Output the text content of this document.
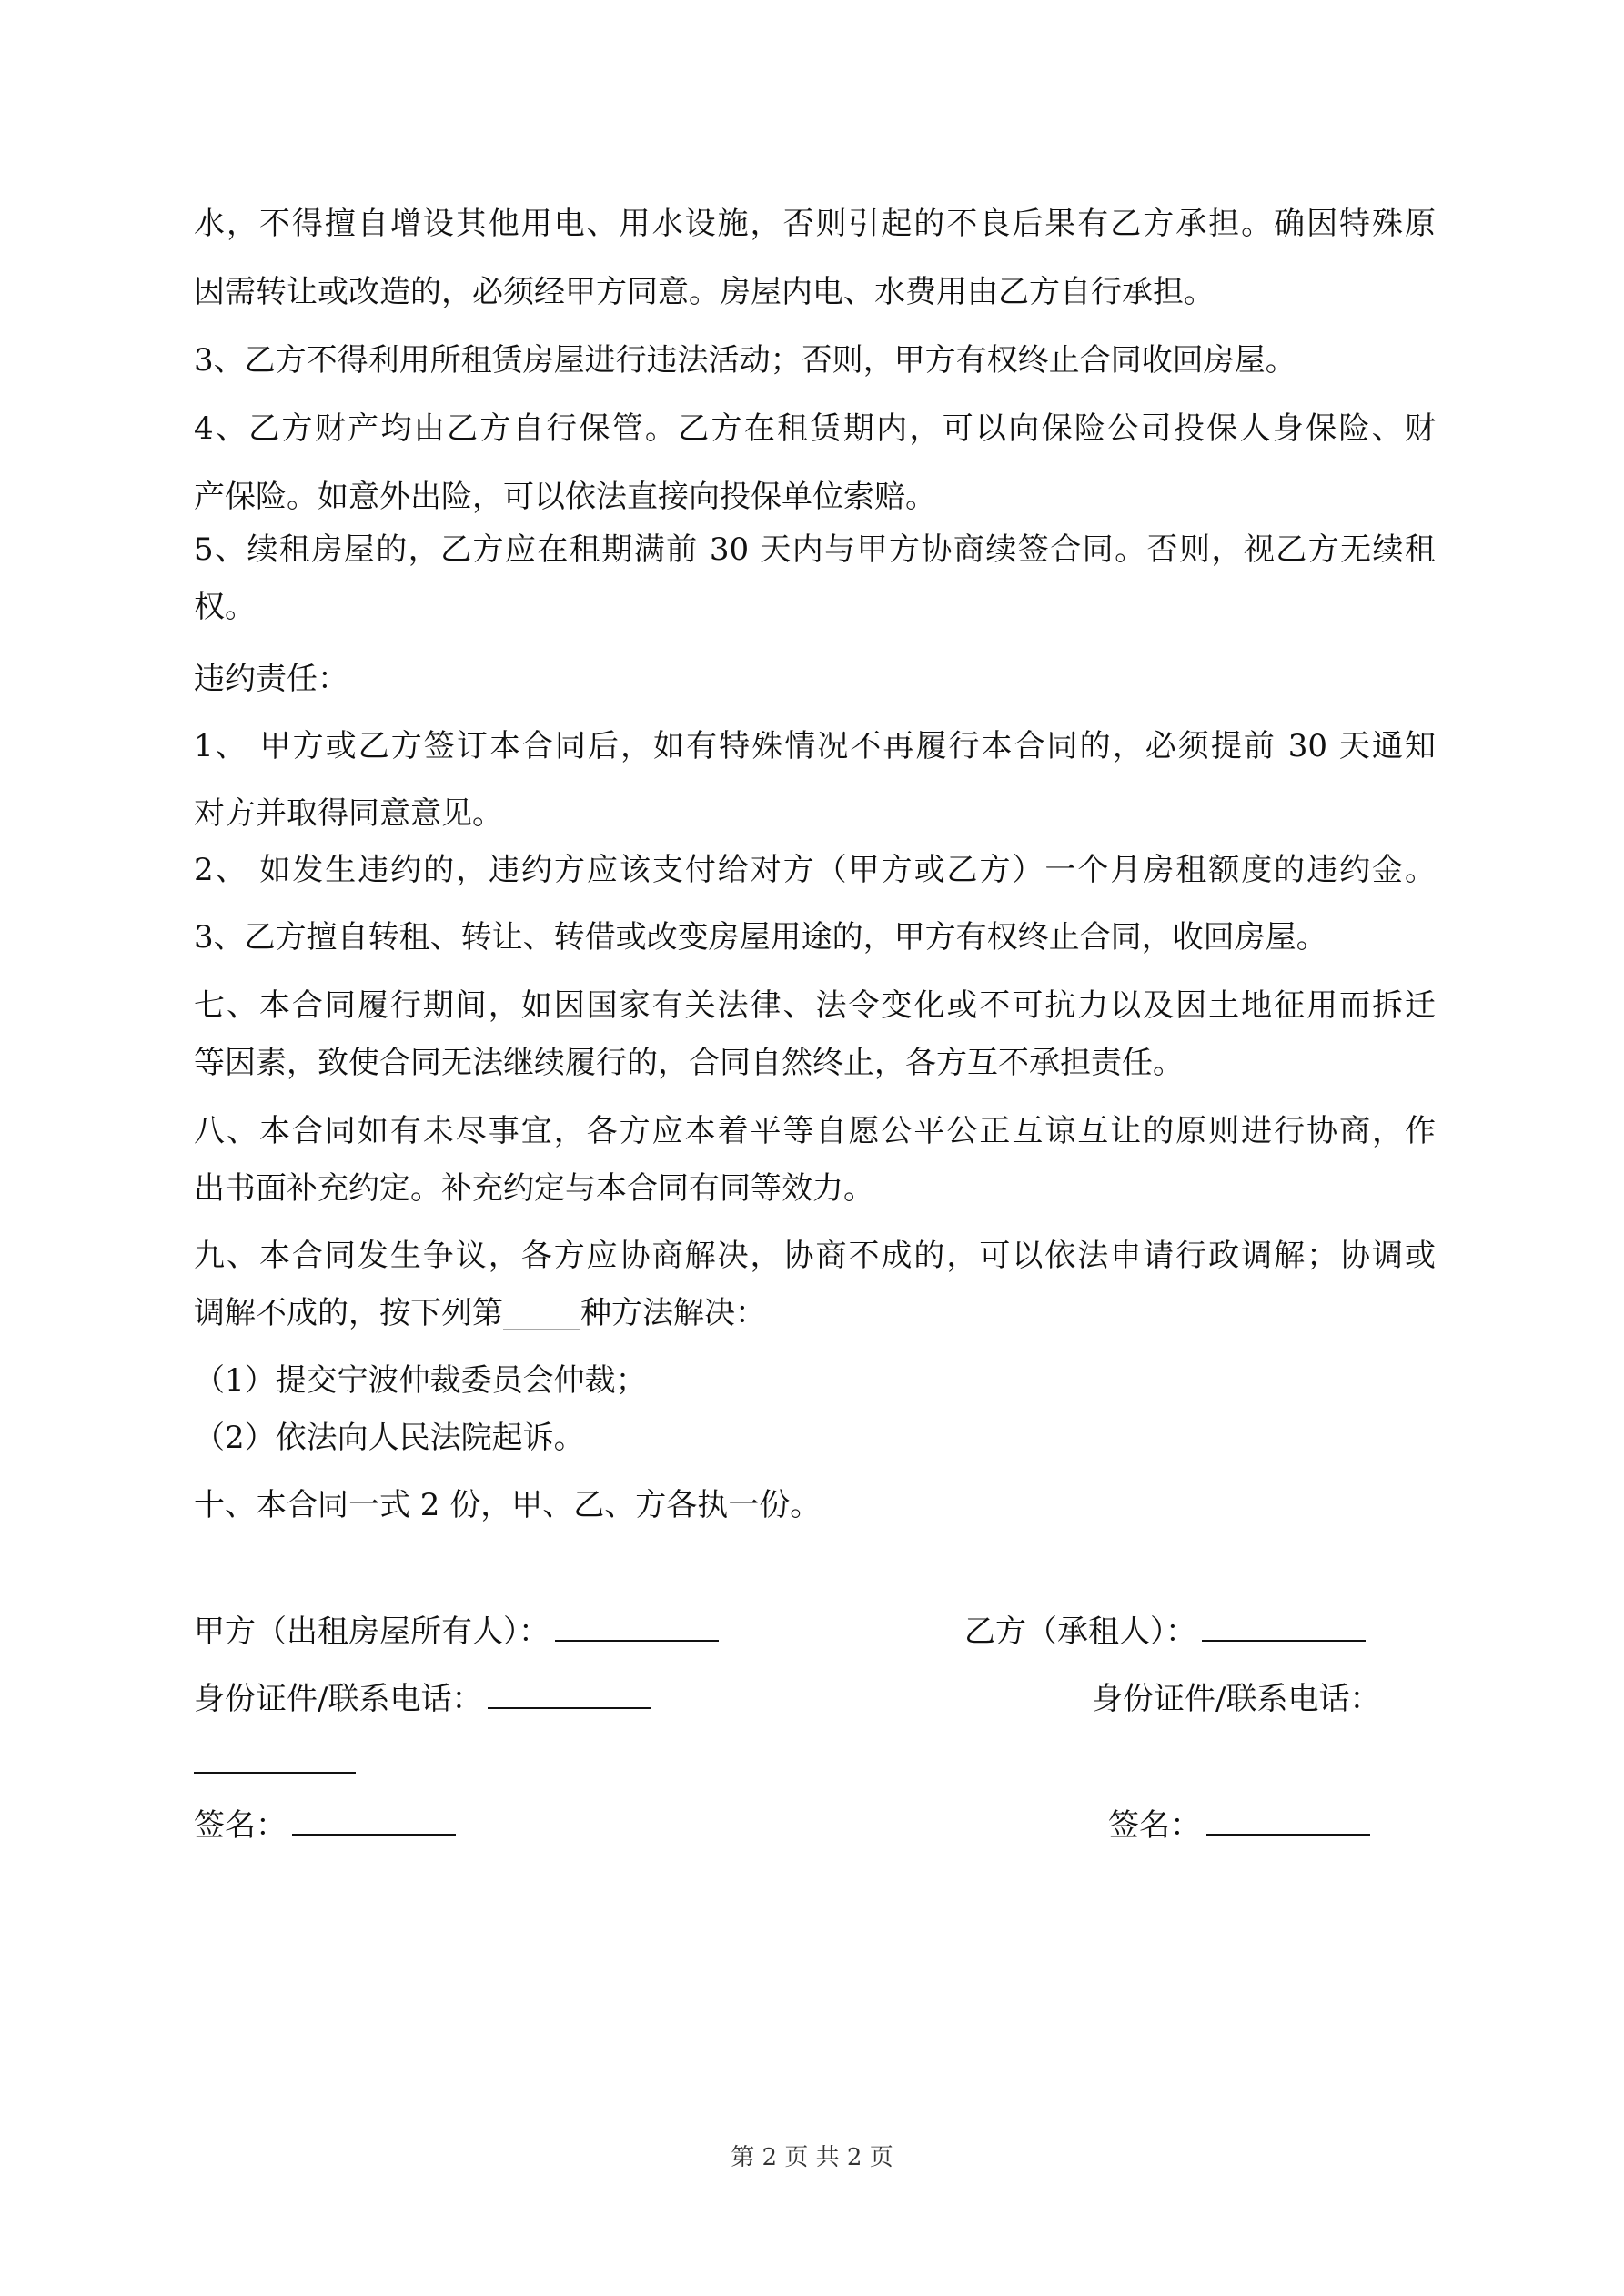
水，不得擅自增设其他用电、用水设施，否则引起的不良后果有乙方承担。确因特殊原
因需转让或改造的，必须经甲方同意。房屋内电、水费用由乙方自行承担。
3、乙方不得利用所租赁房屋进行违法活动；否则，甲方有权终止合同收回房屋。
4、乙方财产均由乙方自行保管。乙方在租赁期内，可以向保险公司投保人身保险、财
产保险。如意外出险，可以依法直接向投保单位索赔。
5、续租房屋的，乙方应在租期满前 30 天内与甲方协商续签合同。否则，视乙方无续租
权。
违约责任：
1、 甲方或乙方签订本合同后，如有特殊情况不再履行本合同的，必须提前 30 天通知
对方并取得同意意见。
2、 如发生违约的，违约方应该支付给对方（甲方或乙方）一个月房租额度的违约金。
3、乙方擅自转租、转让、转借或改变房屋用途的，甲方有权终止合同，收回房屋。
七、本合同履行期间，如因国家有关法律、法令变化或不可抗力以及因土地征用而拆迁
等因素，致使合同无法继续履行的，合同自然终止，各方互不承担责任。
八、本合同如有未尽事宜，各方应本着平等自愿公平公正互谅互让的原则进行协商，作
出书面补充约定。补充约定与本合同有同等效力。
九、本合同发生争议，各方应协商解决，协商不成的，可以依法申请行政调解；协调或
调解不成的，按下列第_____种方法解决：
（1）提交宁波仲裁委员会仲裁；
（2）依法向人民法院起诉。
十、本合同一式 2 份，甲、乙、方各执一份。
甲方（出租房屋所有人）：	乙方（承租人）：
身份证件/联系电话：	身份证件/联系电话：
签名：	签名：
第 2 页 共 2 页
